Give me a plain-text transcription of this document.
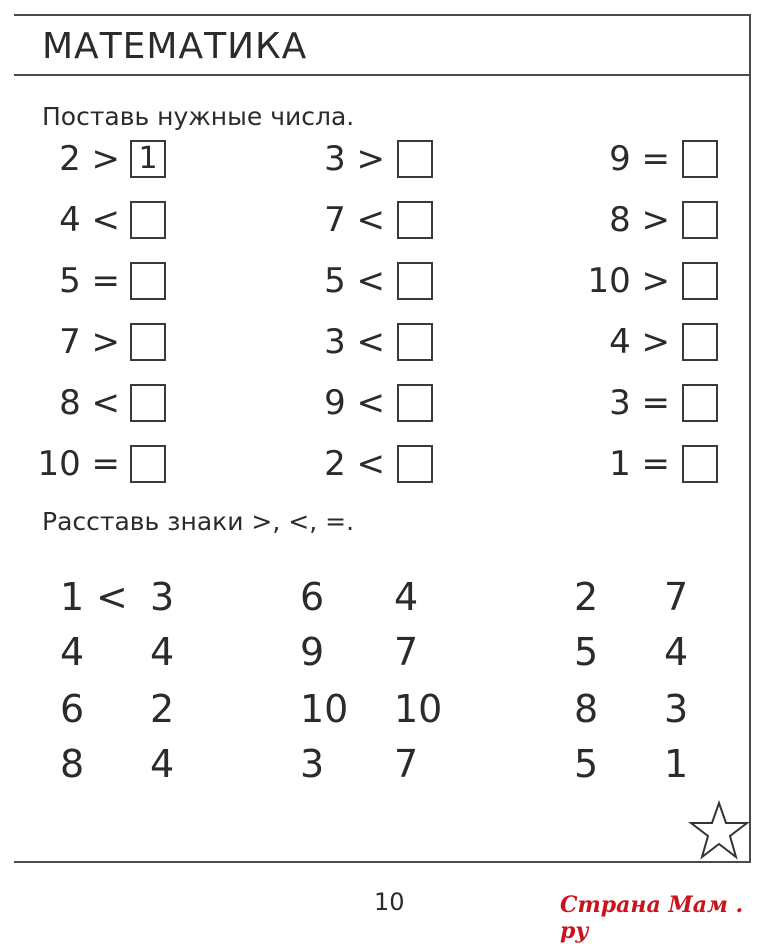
МАТЕМАТИКА
Поставь нужные числа.
2 > 1
4 <
5 =
7 >
8 <
10 =
3 >
7 <
5 <
3 <
9 <
2 <
9 =
8 >
10 >
4 >
3 =
1 =
Расставь знаки >, <, =.
1 < 3
4 4
6 2
8 4
6 4
9 7
10 10
3 7
2 7
5 4
8 3
5 1
10	Страна Мам . ру
